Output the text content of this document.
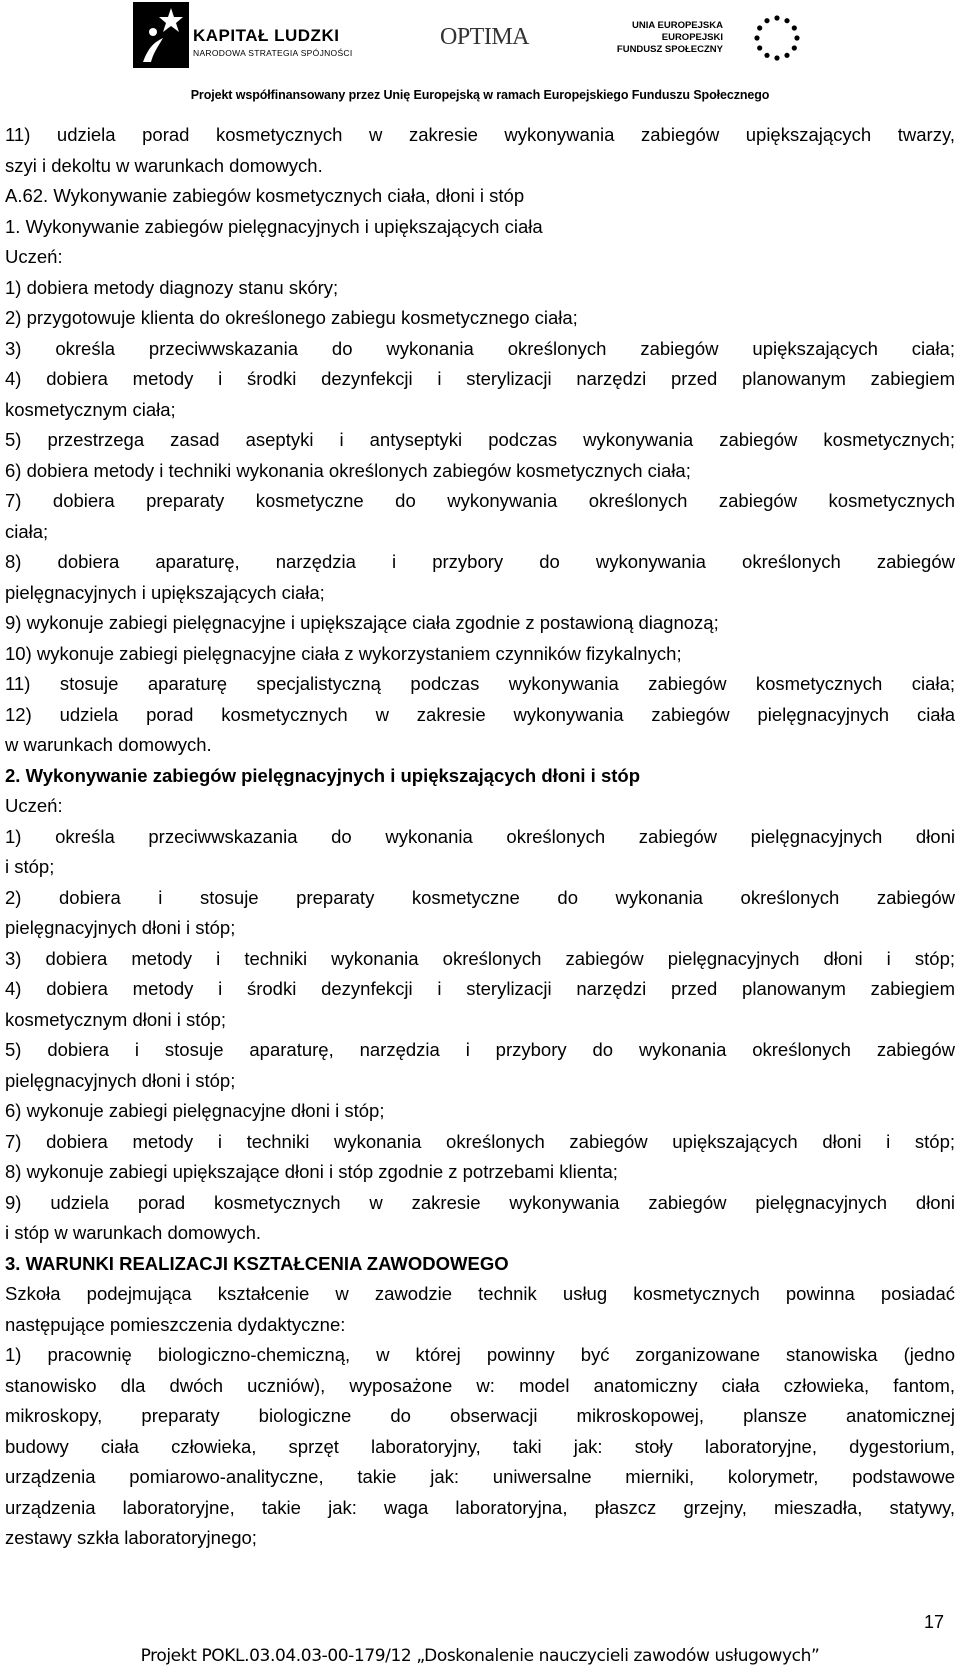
KAPITAŁ LUDZKI
NARODOWA STRATEGIA SPÓJNOŚCI
OPTIMA	UNIA EUROPEJSKA
EUROPEJSKI
FUNDUSZ SPOŁECZNY
Projekt współfinansowany przez Unię Europejską w ramach Europejskiego Funduszu Społecznego
11) udziela porad kosmetycznych w zakresie wykonywania zabiegów upiększających twarzy,
szyi i dekoltu w warunkach domowych.
A.62. Wykonywanie zabiegów kosmetycznych ciała, dłoni i stóp
1. Wykonywanie zabiegów pielęgnacyjnych i upiększających ciała
Uczeń:
1) dobiera metody diagnozy stanu skóry;
2) przygotowuje klienta do określonego zabiegu kosmetycznego ciała;
3) określa przeciwwskazania do wykonania określonych zabiegów upiększających ciała;
4) dobiera metody i środki dezynfekcji i sterylizacji narzędzi przed planowanym zabiegiem
kosmetycznym ciała;
5) przestrzega zasad aseptyki i antyseptyki podczas wykonywania zabiegów kosmetycznych;
6) dobiera metody i techniki wykonania określonych zabiegów kosmetycznych ciała;
7) dobiera preparaty kosmetyczne do wykonywania określonych zabiegów kosmetycznych
ciała;
8) dobiera aparaturę, narzędzia i przybory do wykonywania określonych zabiegów
pielęgnacyjnych i upiększających ciała;
9) wykonuje zabiegi pielęgnacyjne i upiększające ciała zgodnie z postawioną diagnozą;
10) wykonuje zabiegi pielęgnacyjne ciała z wykorzystaniem czynników fizykalnych;
11) stosuje aparaturę specjalistyczną podczas wykonywania zabiegów kosmetycznych ciała;
12) udziela porad kosmetycznych w zakresie wykonywania zabiegów pielęgnacyjnych ciała
w warunkach domowych.
2. Wykonywanie zabiegów pielęgnacyjnych i upiększających dłoni i stóp
Uczeń:
1) określa przeciwwskazania do wykonania określonych zabiegów pielęgnacyjnych dłoni
i stóp;
2) dobiera i stosuje preparaty kosmetyczne do wykonania określonych zabiegów
pielęgnacyjnych dłoni i stóp;
3) dobiera metody i techniki wykonania określonych zabiegów pielęgnacyjnych dłoni i stóp;
4) dobiera metody i środki dezynfekcji i sterylizacji narzędzi przed planowanym zabiegiem
kosmetycznym dłoni i stóp;
5) dobiera i stosuje aparaturę, narzędzia i przybory do wykonania określonych zabiegów
pielęgnacyjnych dłoni i stóp;
6) wykonuje zabiegi pielęgnacyjne dłoni i stóp;
7) dobiera metody i techniki wykonania określonych zabiegów upiększających dłoni i stóp;
8) wykonuje zabiegi upiększające dłoni i stóp zgodnie z potrzebami klienta;
9) udziela porad kosmetycznych w zakresie wykonywania zabiegów pielęgnacyjnych dłoni
i stóp w warunkach domowych.
3. WARUNKI REALIZACJI KSZTAŁCENIA ZAWODOWEGO
Szkoła podejmująca kształcenie w zawodzie technik usług kosmetycznych powinna posiadać
następujące pomieszczenia dydaktyczne:
1) pracownię biologiczno-chemiczną, w której powinny być zorganizowane stanowiska (jedno
stanowisko dla dwóch uczniów), wyposażone w: model anatomiczny ciała człowieka, fantom,
mikroskopy, preparaty biologiczne do obserwacji mikroskopowej, plansze anatomicznej
budowy ciała człowieka, sprzęt laboratoryjny, taki jak: stoły laboratoryjne, dygestorium,
urządzenia pomiarowo-analityczne, takie jak: uniwersalne mierniki, kolorymetr, podstawowe
urządzenia laboratoryjne, takie jak: waga laboratoryjna, płaszcz grzejny, mieszadła, statywy,
zestawy szkła laboratoryjnego;
17
Projekt POKL.03.04.03-00-179/12 „Doskonalenie nauczycieli zawodów usługowych”
